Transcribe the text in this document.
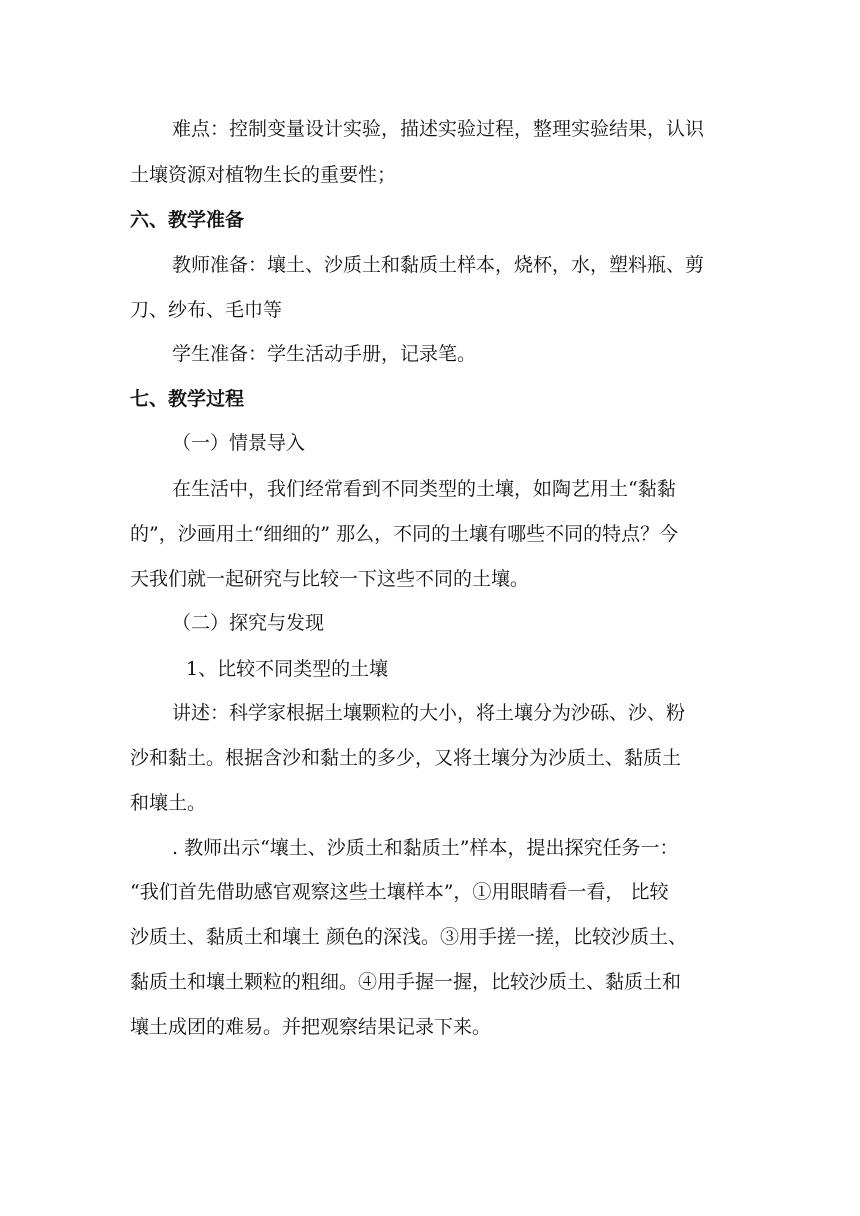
难点：控制变量设计实验，描述实验过程，整理实验结果，认识
土壤资源对植物生长的重要性；
六、教学准备
教师准备：壤土、沙质土和黏质土样本，烧杯，水，塑料瓶、剪
刀、纱布、毛巾等
学生准备：学生活动手册，记录笔。
七、教学过程
（一）情景导入
在生活中，我们经常看到不同类型的土壤，如陶艺用土“黏黏
的”，沙画用土“细细的” 那么，不同的土壤有哪些不同的特点？今
天我们就一起研究与比较一下这些不同的土壤。
（二）探究与发现
1、比较不同类型的土壤
讲述：科学家根据土壤颗粒的大小，将土壤分为沙砾、沙、粉
沙和黏土。根据含沙和黏土的多少，又将土壤分为沙质土、黏质土
和壤土。
. 教师出示“壤土、沙质土和黏质土”样本，提出探究任务一：
“我们首先借助感官观察这些土壤样本”，①用眼睛看一看， 比较
沙质土、黏质土和壤土 颜色的深浅。③用手搓一搓，比较沙质土、
黏质土和壤土颗粒的粗细。④用手握一握，比较沙质土、黏质土和
壤土成团的难易。并把观察结果记录下来。
